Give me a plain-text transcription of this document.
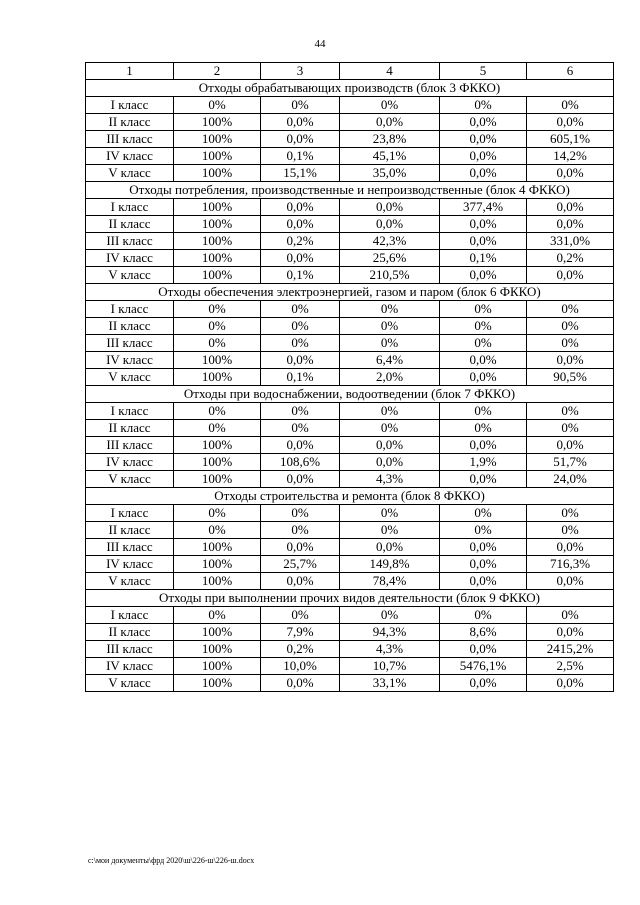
44
1	2	3	4	5	6
Отходы обрабатывающих производств (блок 3 ФККО)					
I класс	0%	0%	0%	0%	0%
II класс	100%	0,0%	0,0%	0,0%	0,0%
III класс	100%	0,0%	23,8%	0,0%	605,1%
IV класс	100%	0,1%	45,1%	0,0%	14,2%
V класс	100%	15,1%	35,0%	0,0%	0,0%
Отходы потребления, производственные и непроизводственные (блок 4 ФККО)					
I класс	100%	0,0%	0,0%	377,4%	0,0%
II класс	100%	0,0%	0,0%	0,0%	0,0%
III класс	100%	0,2%	42,3%	0,0%	331,0%
IV класс	100%	0,0%	25,6%	0,1%	0,2%
V класс	100%	0,1%	210,5%	0,0%	0,0%
Отходы обеспечения электроэнергией, газом и паром (блок 6 ФККО)					
I класс	0%	0%	0%	0%	0%
II класс	0%	0%	0%	0%	0%
III класс	0%	0%	0%	0%	0%
IV класс	100%	0,0%	6,4%	0,0%	0,0%
V класс	100%	0,1%	2,0%	0,0%	90,5%
Отходы при водоснабжении, водоотведении (блок 7 ФККО)					
I класс	0%	0%	0%	0%	0%
II класс	0%	0%	0%	0%	0%
III класс	100%	0,0%	0,0%	0,0%	0,0%
IV класс	100%	108,6%	0,0%	1,9%	51,7%
V класс	100%	0,0%	4,3%	0,0%	24,0%
Отходы строительства и ремонта (блок 8 ФККО)					
I класс	0%	0%	0%	0%	0%
II класс	0%	0%	0%	0%	0%
III класс	100%	0,0%	0,0%	0,0%	0,0%
IV класс	100%	25,7%	149,8%	0,0%	716,3%
V класс	100%	0,0%	78,4%	0,0%	0,0%
Отходы при выполнении прочих видов деятельности (блок 9 ФККО)					
I класс	0%	0%	0%	0%	0%
II класс	100%	7,9%	94,3%	8,6%	0,0%
III класс	100%	0,2%	4,3%	0,0%	2415,2%
IV класс	100%	10,0%	10,7%	5476,1%	2,5%
V класс	100%	0,0%	33,1%	0,0%	0,0%
c:\мои документы\фрд 2020\ш\226-ш\226-ш.docx
